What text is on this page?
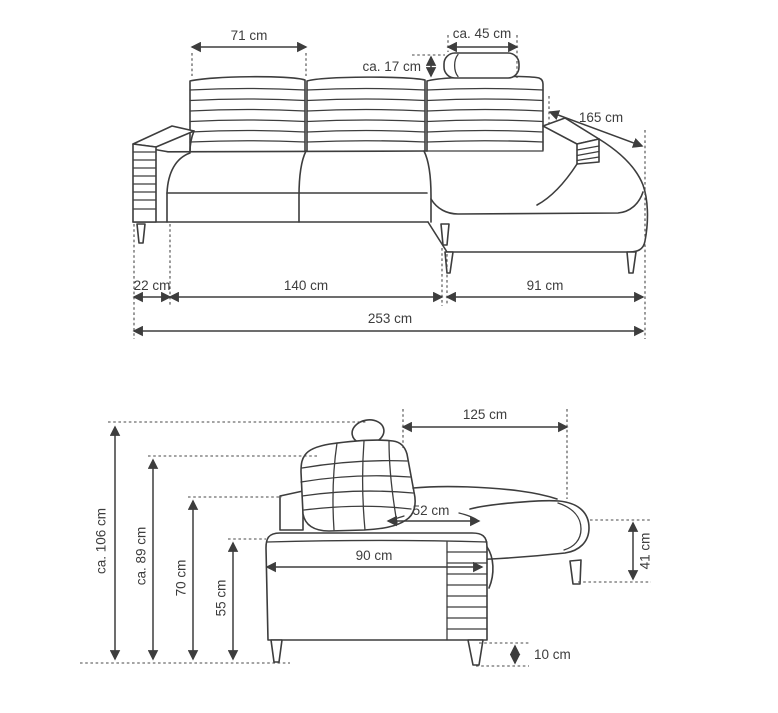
71 cm	ca. 45 cm
ca. 17 cm
165 cm
22 cm	140 cm	91 cm
253 cm
ca. 106 cm ca. 89 cm 70 cm
55 cm
41 cm
125 cm
52 cm
90 cm
10 cm
